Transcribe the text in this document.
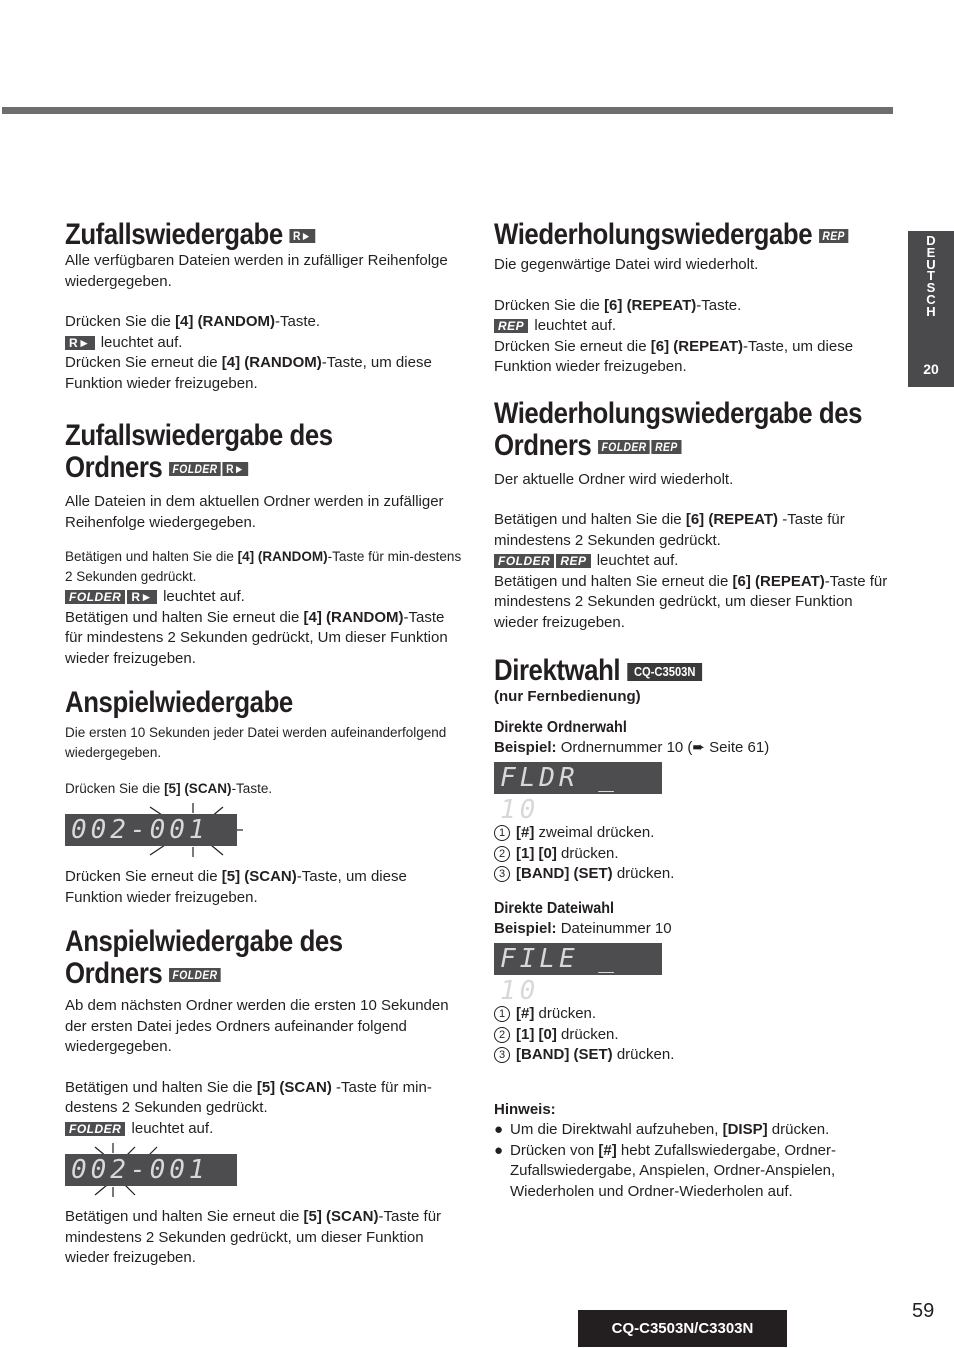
D
E
U
T
S
C
H
20
Zufallswiedergabe R►

Alle verfügbaren Dateien werden in zufälliger Reihenfolge wiedergegeben.

Drücken Sie die [4] (RANDOM)-Taste.

R► leuchtet auf.

Drücken Sie erneut die [4] (RANDOM)-Taste, um diese Funktion wieder freizugeben.

Zufallswiedergabe des
Ordners FOLDER R►

Alle Dateien in dem aktuellen Ordner werden in zufälliger Reihenfolge wiedergegeben.

Betätigen und halten Sie die [4] (RANDOM)-Taste für min-destens 2 Sekunden gedrückt.

FOLDER R► leuchtet auf.

Betätigen und halten Sie erneut die [4] (RANDOM)-Taste für mindestens 2 Sekunden gedrückt, Um dieser Funktion wieder freizugeben.

Anspielwiedergabe

Die ersten 10 Sekunden jeder Datei werden aufeinanderfolgend wiedergegeben.

Drücken Sie die [5] (SCAN)-Taste.

002-001

Drücken Sie erneut die [5] (SCAN)-Taste, um diese Funktion wieder freizugeben.

Anspielwiedergabe des
Ordners FOLDER

Ab dem nächsten Ordner werden die ersten 10 Sekunden der ersten Datei jedes Ordners aufeinander folgend wiedergegeben.

Betätigen und halten Sie die [5] (SCAN) -Taste für min-destens 2 Sekunden gedrückt.

FOLDER leuchtet auf.

002-001

Betätigen und halten Sie erneut die [5] (SCAN)-Taste für mindestens 2 Sekunden gedrückt, um dieser Funktion wieder freizugeben.

Wiederholungswiedergabe REP

Die gegenwärtige Datei wird wiederholt.

Drücken Sie die [6] (REPEAT)-Taste.

REP leuchtet auf.

Drücken Sie erneut die [6] (REPEAT)-Taste, um diese Funktion wieder freizugeben.

Wiederholungswiedergabe des
Ordners FOLDER REP

Der aktuelle Ordner wird wiederholt.

Betätigen und halten Sie die [6] (REPEAT) -Taste für mindestens 2 Sekunden gedrückt.

FOLDER REP leuchtet auf.

Betätigen und halten Sie erneut die [6] (REPEAT)-Taste für mindestens 2 Sekunden gedrückt, um dieser Funktion wieder freizugeben.

Direktwahl CQ-C3503N

(nur Fernbedienung)

Direkte Ordnerwahl

Beispiel: Ordnernummer 10 (➨ Seite 61)

FLDR _ 10

1 [#] zweimal drücken.

2 [1] [0] drücken.

3 [BAND] (SET) drücken.

Direkte Dateiwahl

Beispiel: Dateinummer 10

FILE _ 10

1 [#] drücken.

2 [1] [0] drücken.

3 [BAND] (SET) drücken.

Hinweis:

● Um die Direktwahl aufzuheben, [DISP] drücken.
● Drücken von [#] hebt Zufallswiedergabe, Ordner-Zufallswiedergabe, Anspielen, Ordner-Anspielen, Wiederholen und Ordner-Wiederholen auf.
59
CQ-C3503N/C3303N
